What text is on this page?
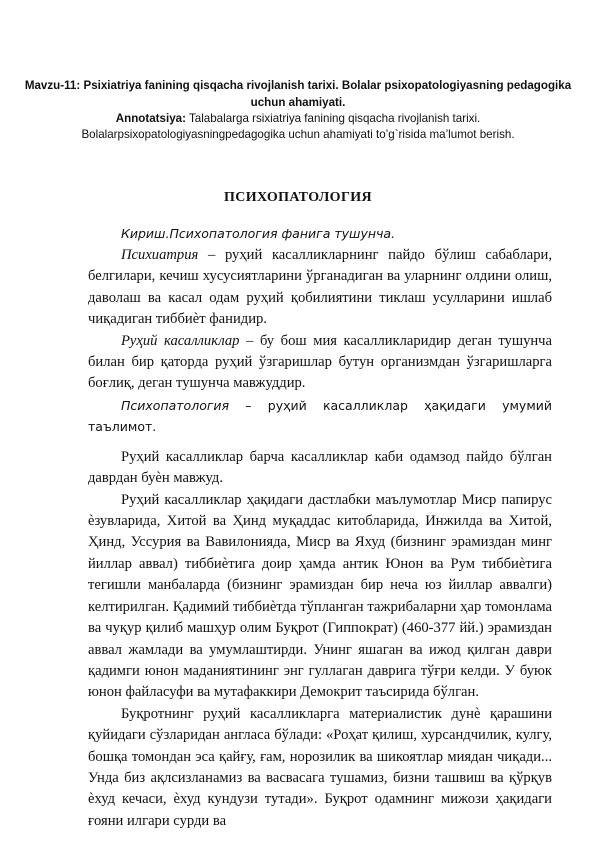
Mavzu-11: Psixiatriya fanining qisqacha rivojlanish tarixi. Bolalar psixopatologiyasning pedagogika uchun ahamiyati.
Annotatsiya: Talabalarga rsixiatriya fanining qisqacha rivojlanish tarixi.
Bolalarpsixopatologiyasningpedagogika uchun ahamiyati to’g`risida ma’lumot berish.
ПСИХОПАТОЛОГИЯ

Кириш.Психопатология фанига тушунча.

Психиатрия – руҳий касалликларнинг пайдо бўлиш сабаблари, белгилари, кечиш хусусиятларини ўрганадиган ва уларнинг олдини олиш, даволаш ва касал одам руҳий қобилиятини тиклаш усулларини ишлаб чиқадиган тиббиѐт фанидир.

Руҳий касалликлар – бу бош мия касалликларидир деган тушунча билан бир қаторда руҳий ўзгаришлар бутун организмдан ўзгаришларга боғлиқ, деган тушунча мавжуддир.

Психопатология – руҳий касалликлар ҳақидаги умумий таълимот.

Руҳий касалликлар барча касалликлар каби одамзод пайдо бўлган даврдан буѐн мавжуд.

Руҳий касалликлар ҳақидаги дастлабки маълумотлар Миср папирус ѐзувларида, Хитой ва Ҳинд муқаддас китобларида, Инжилда ва Хитой, Ҳинд, Уссурия ва Вавилонияда, Миср ва Яхуд (бизнинг эрамиздан минг йиллар аввал) тиббиѐтига доир ҳамда антик Юнон ва Рум тиббиѐтига тегишли манбаларда (бизнинг эрамиздан бир неча юз йиллар аввалги) келтирилган. Қадимий тиббиѐтда тўпланган тажрибаларни ҳар томонлама ва чуқур қилиб машҳур олим Буқрот (Гиппократ) (460-377 йй.) эрамиздан аввал жамлади ва умумлаштирди. Унинг яшаган ва ижод қилган даври қадимги юнон маданиятининг энг гуллаган даврига тўғри келди. У буюк юнон файласуфи ва мутафаккири Демокрит таъсирида бўлган.

Буқротнинг руҳий касалликларга материалистик дунѐ қарашини қуйидаги сўзларидан англаса бўлади: «Роҳат қилиш, хурсандчилик, кулгу, бошқа томондан эса қайғу, ғам, норозилик ва шикоятлар миядан чиқади... Унда биз ақлсизланамиз ва васвасага тушамиз, бизни ташвиш ва қўрқув ѐхуд кечаси, ѐхуд кундузи тутади». Буқрот одамнинг мижози ҳақидаги ғояни илгари сурди ва
